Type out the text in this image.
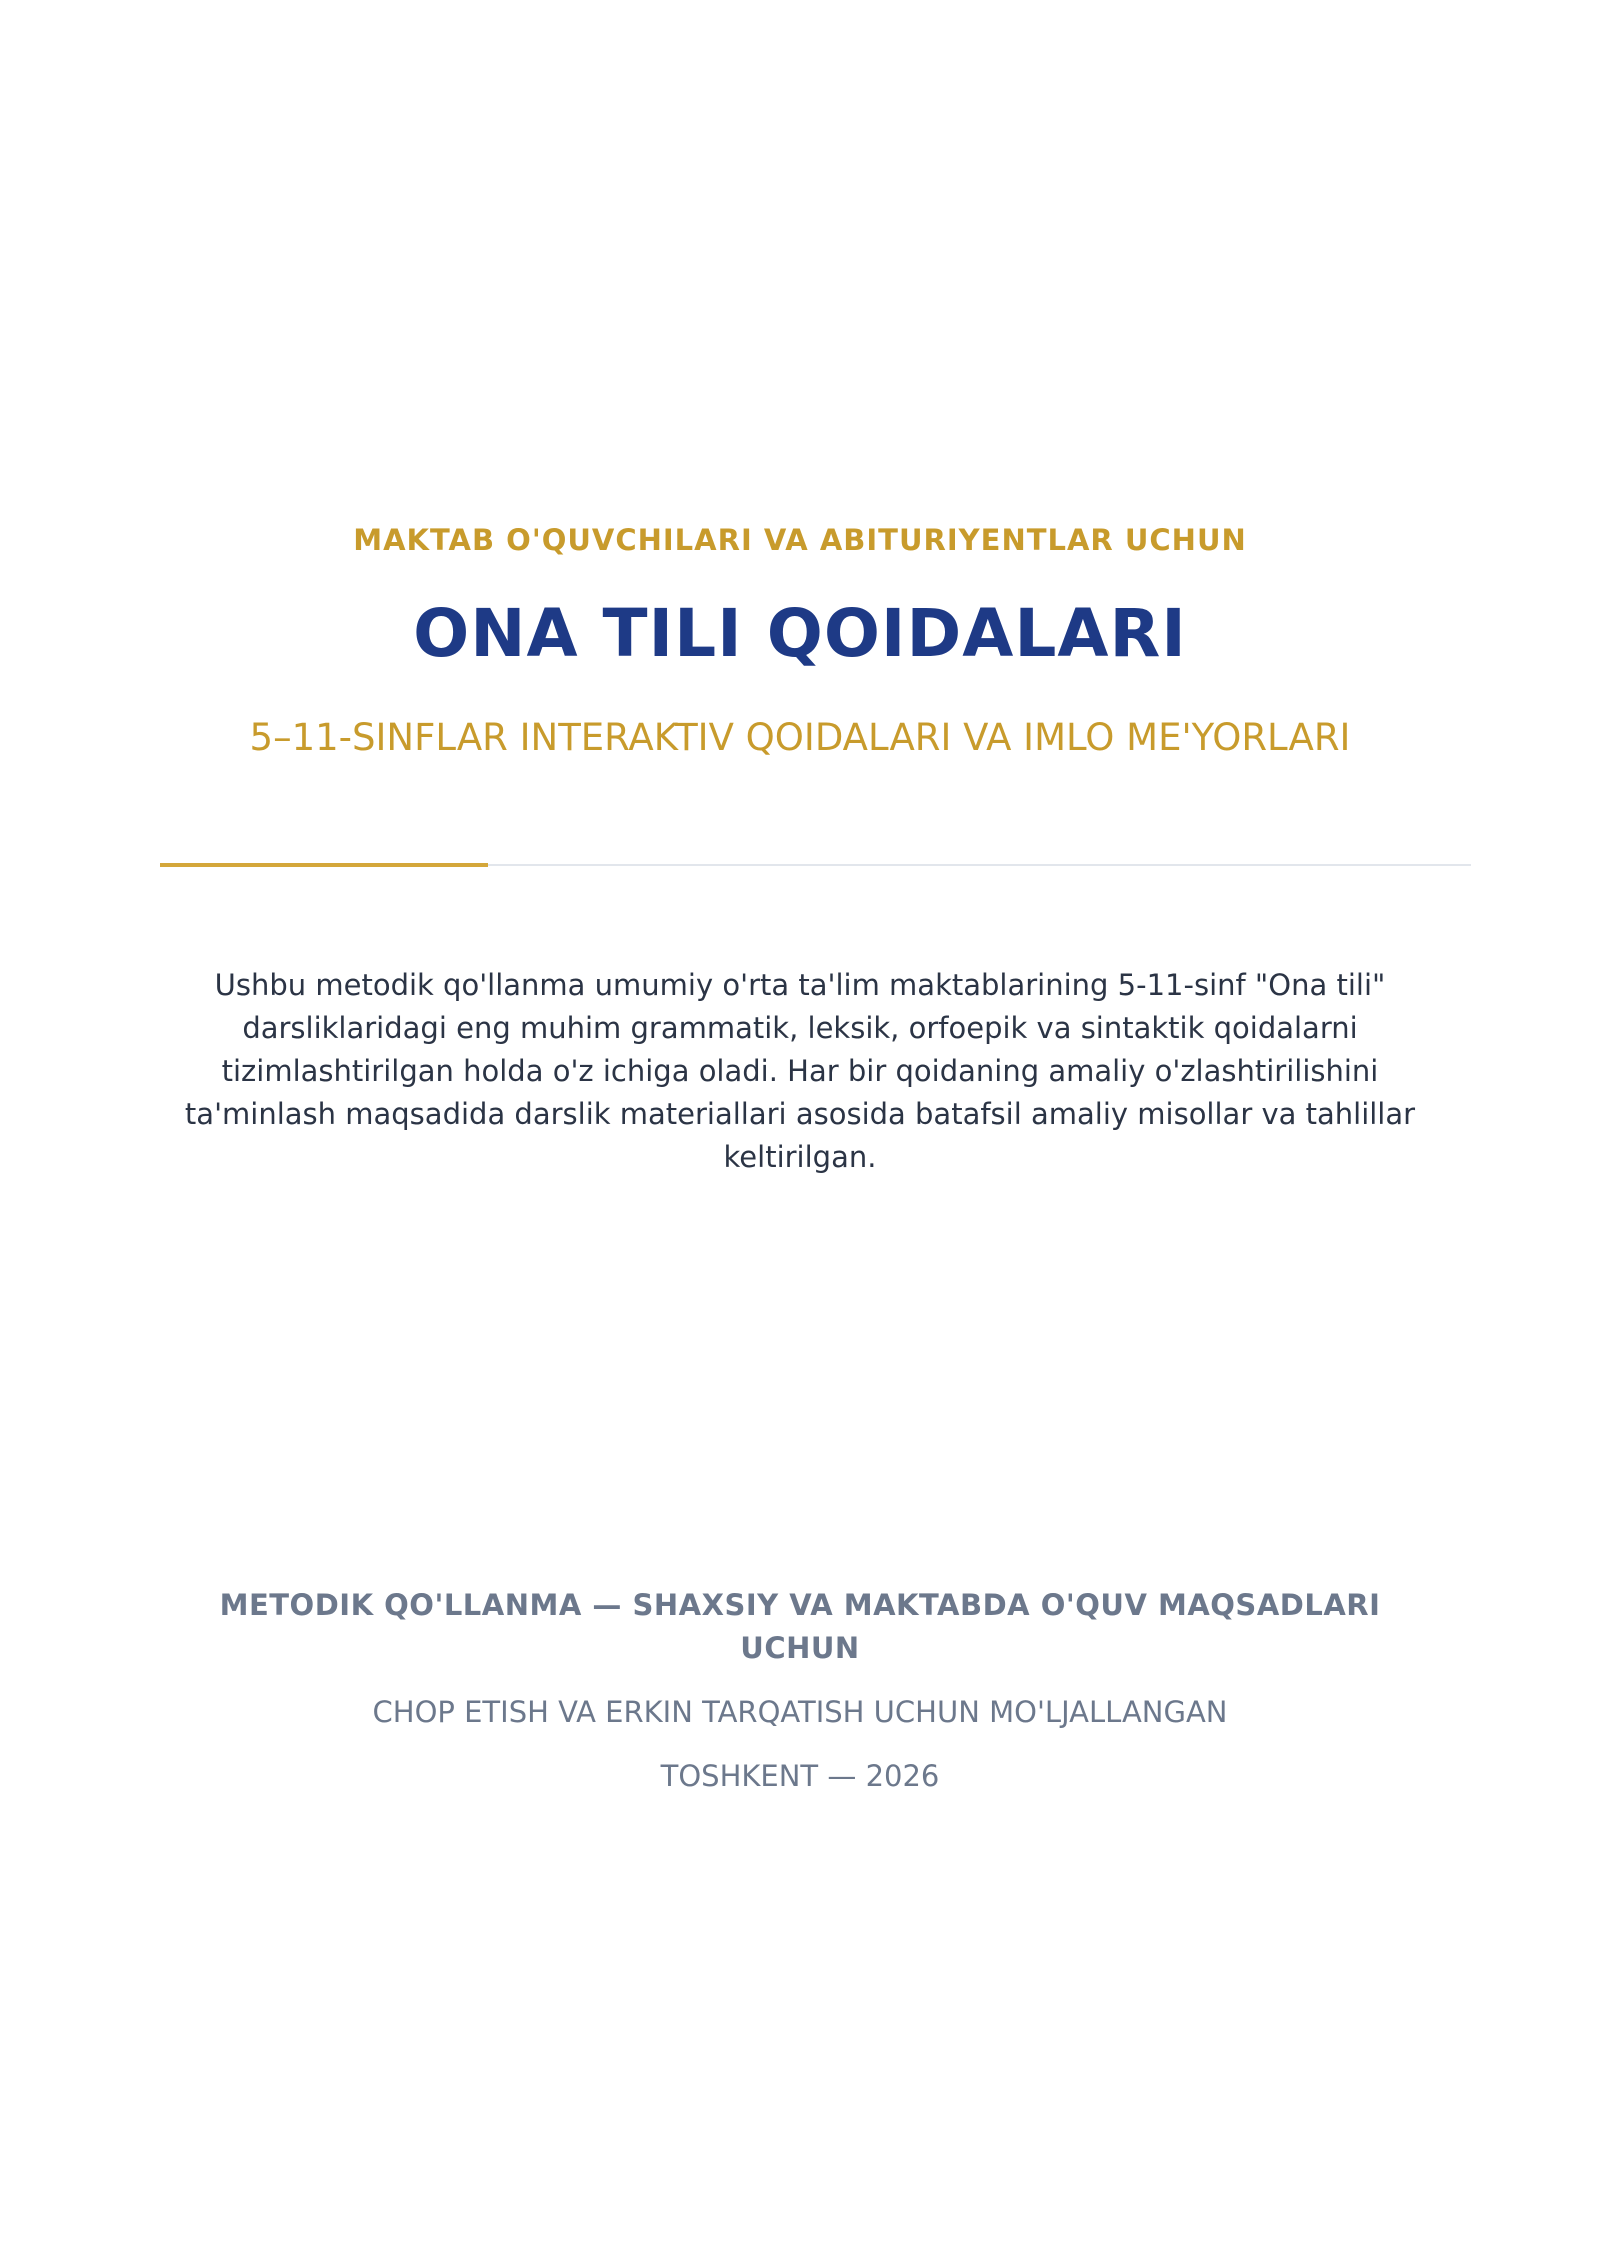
MAKTAB O'QUVCHILARI VA ABITURIYENTLAR UCHUN
ONA TILI QOIDALARI
5–11-SINFLAR INTERAKTIV QOIDALARI VA IMLO ME'YORLARI
Ushbu metodik qo'llanma umumiy o'rta ta'lim maktablarining 5-11-sinf "Ona tili" darsliklaridagi eng muhim grammatik, leksik, orfoepik va sintaktik qoidalarni tizimlashtirilgan holda o'z ichiga oladi. Har bir qoidaning amaliy o'zlashtirilishini ta'minlash maqsadida darslik materiallari asosida batafsil amaliy misollar va tahlillar keltirilgan.
METODIK QO'LLANMA — SHAXSIY VA MAKTABDA O'QUV MAQSADLARI UCHUN
CHOP ETISH VA ERKIN TARQATISH UCHUN MO'LJALLANGAN
TOSHKENT — 2026
